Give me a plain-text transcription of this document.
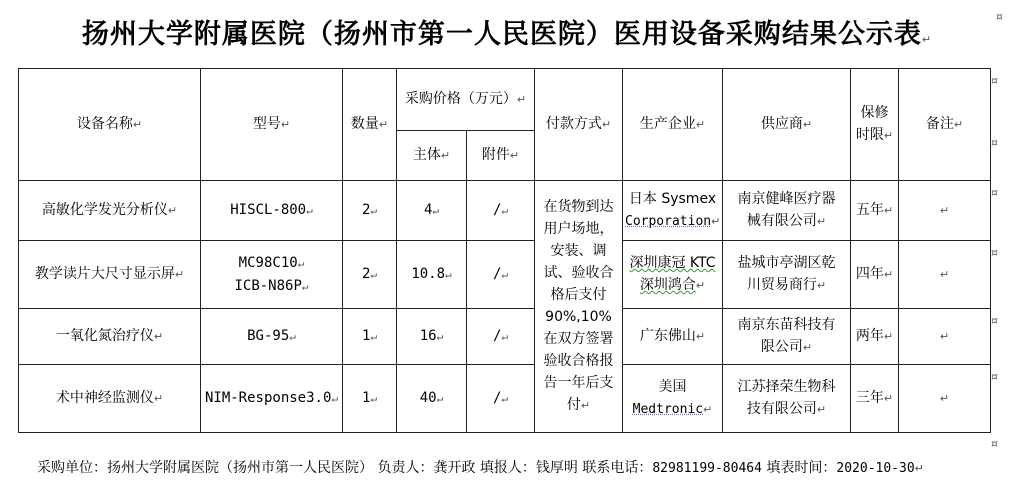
扬州大学附属医院（扬州市第一人民医院）医用设备采购结果公示表↵
¤
设备名称↵	型号↵	数量↵	采购价格（万元）↵		付款方式↵	生产企业↵	供应商↵	保修
时限↵	备注↵
			主体↵	附件↵					
高敏化学发光分析仪↵	HISCL-800↵	2↵	4↵	/↵	在货物到达用户场地，安装、调试、验收合格后支付90%,10%在双方签署验收合格报告一年后支付↵	日本 Sysmex
Corporation↵	南京健峰医疗器
械有限公司↵	五年↵	↵
教学读片大尺寸显示屏↵	MC98C10↵
ICB-N86P↵	2↵	10.8↵	/↵		深圳康冠 KTC
深圳鸿合↵	盐城市亭湖区乾
川贸易商行↵	四年↵	↵
一氧化氮治疗仪↵	BG-95↵	1↵	16↵	/↵		广东佛山↵	南京东苗科技有
限公司↵	两年↵	↵
术中神经监测仪↵	NIM-Response3.0↵	1↵	40↵	/↵		美国
Medtronic↵	江苏择荣生物科
技有限公司↵	三年↵	↵
¤
¤
¤
¤
¤
¤
¤
采购单位：扬州大学附属医院（扬州市第一人民医院） 负责人：龚开政 填报人：钱厚明 联系电话：82981199-80464 填表时间：2020-10-30↵
